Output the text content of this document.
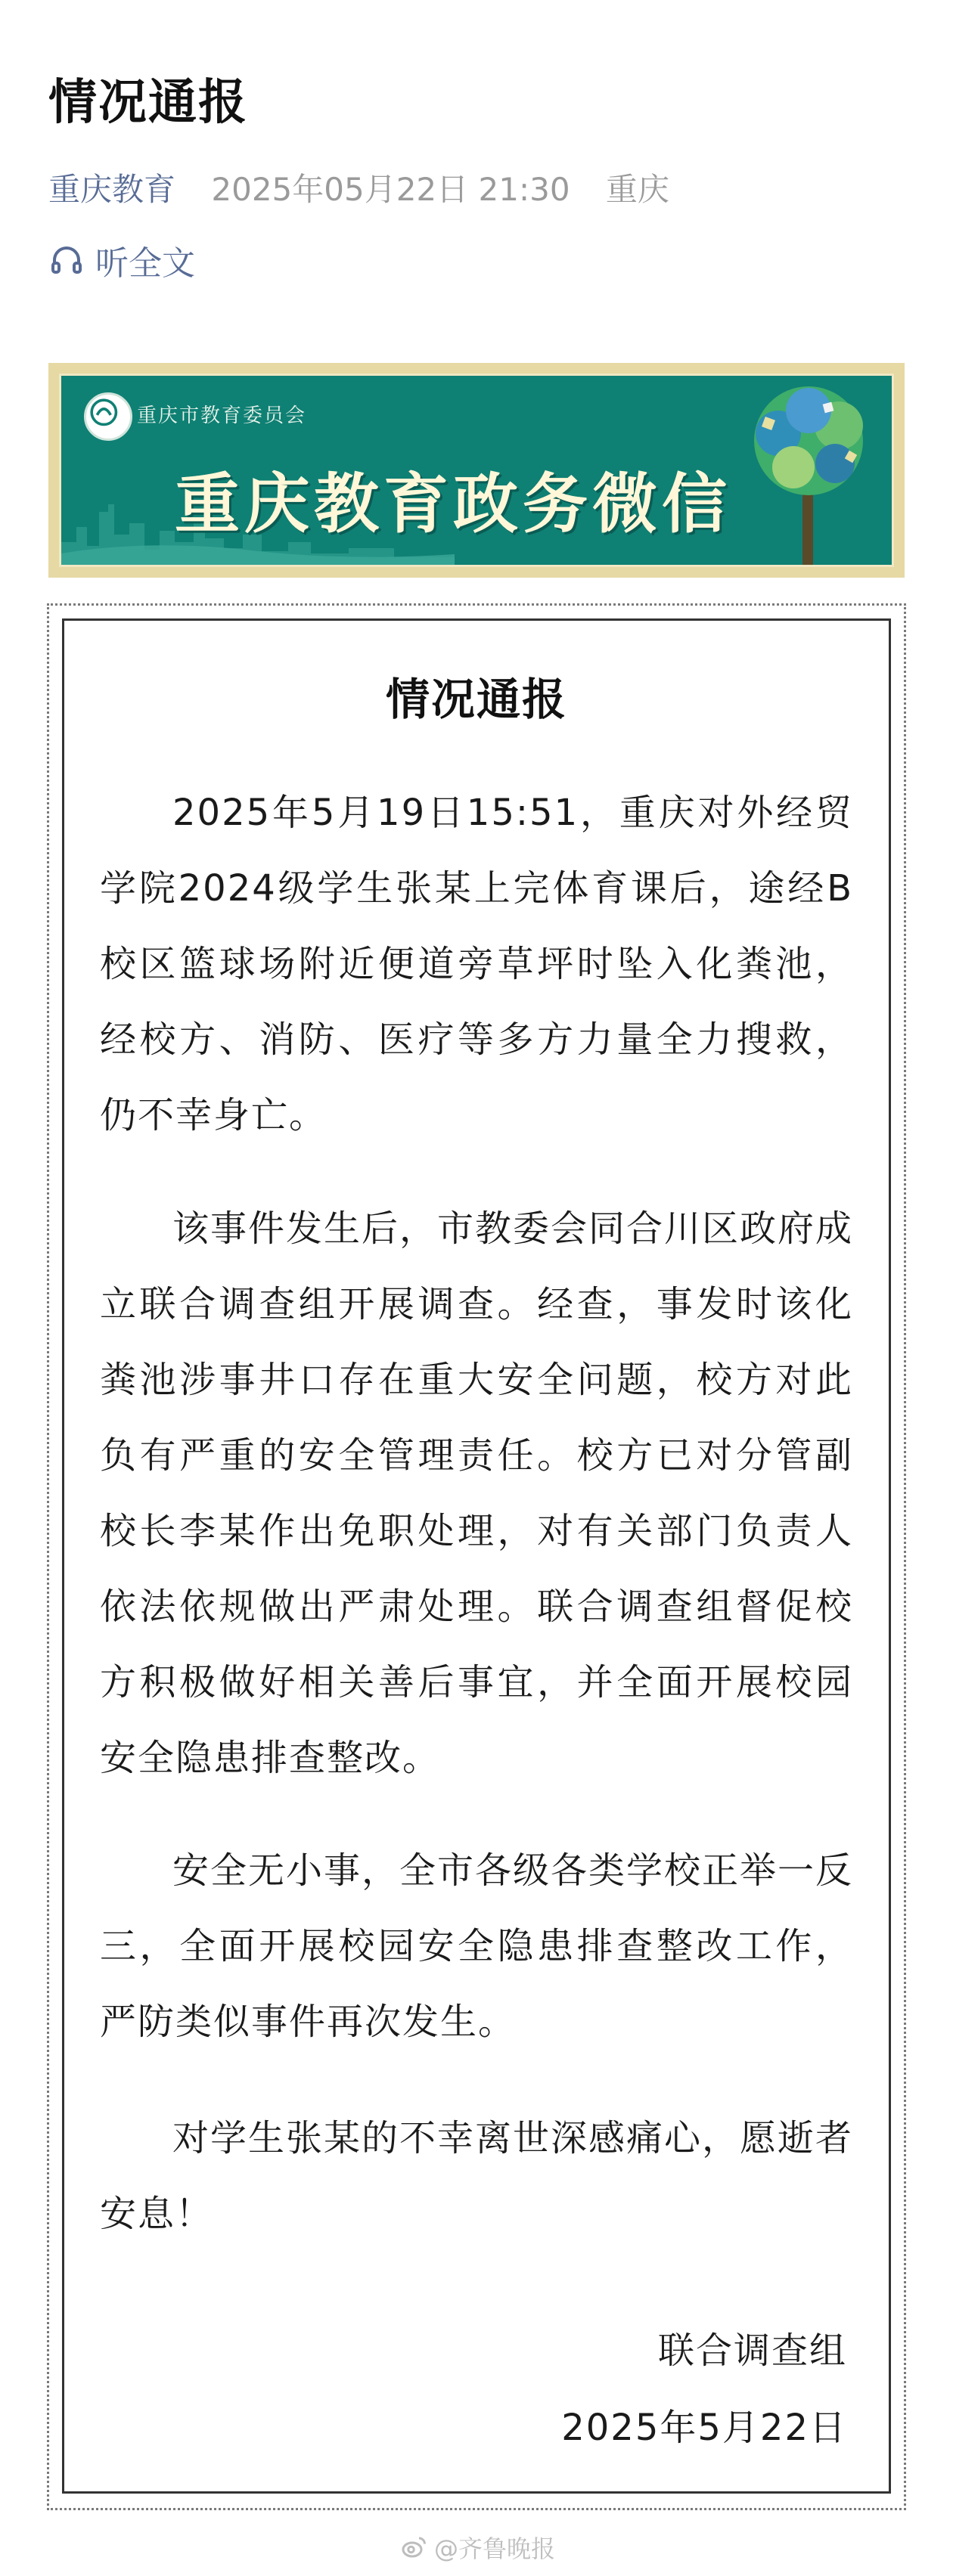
情况通报
重庆教育 2025年05月22日 21:30 重庆
听全文
重庆市教育委员会
重庆教育政务微信
情况通报
2025年5月19日15:51，重庆对外经贸学院2024级学生张某上完体育课后，途经B校区篮球场附近便道旁草坪时坠入化粪池，经校方、消防、医疗等多方力量全力搜救，仍不幸身亡。
该事件发生后，市教委会同合川区政府成立联合调查组开展调查。经查，事发时该化粪池涉事井口存在重大安全问题，校方对此负有严重的安全管理责任。校方已对分管副校长李某作出免职处理，对有关部门负责人依法依规做出严肃处理。联合调查组督促校方积极做好相关善后事宜，并全面开展校园安全隐患排查整改。
安全无小事，全市各级各类学校正举一反三，全面开展校园安全隐患排查整改工作，严防类似事件再次发生。
对学生张某的不幸离世深感痛心，愿逝者安息！
联合调查组
2025年5月22日
@齐鲁晚报
